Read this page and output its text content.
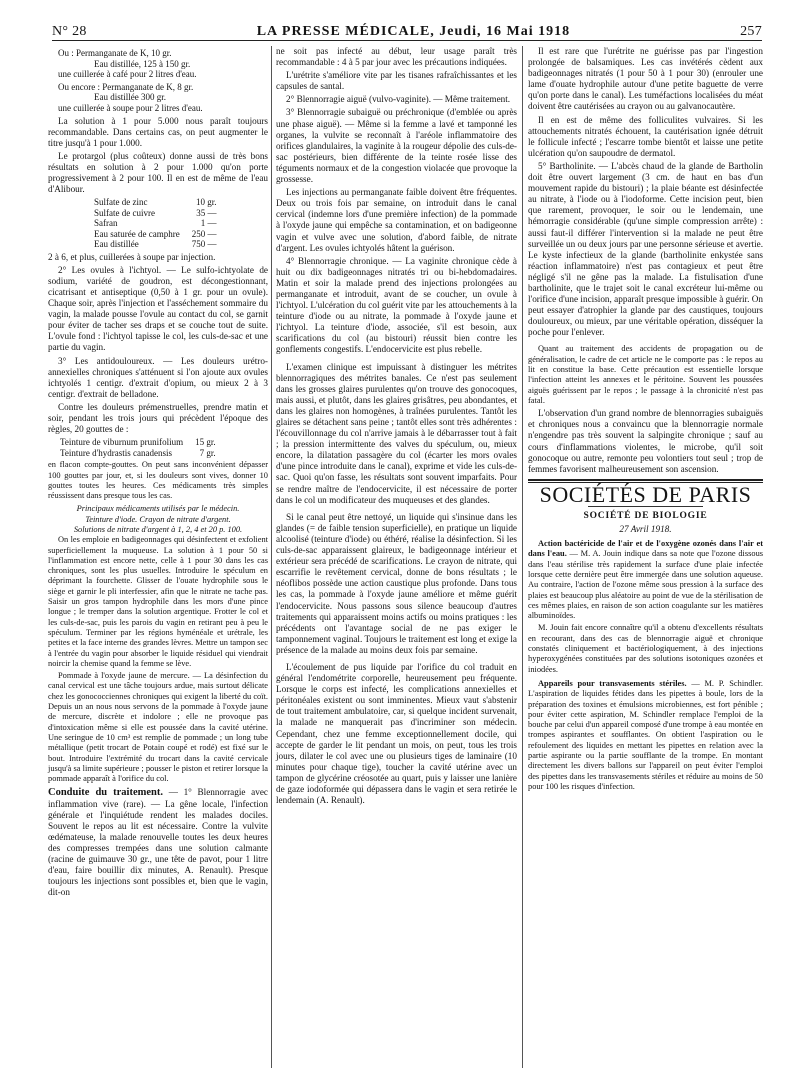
N° 28	LA PRESSE MÉDICALE, Jeudi, 16 Mai 1918	257
Ou : Permanganate de K, 10 gr.
Eau distillée, 125 à 150 gr.
une cuillerée à café pour 2 litres d'eau.
Ou encore : Permanganate de K, 8 gr.
Eau distillée 300 gr.
une cuillerée à soupe pour 2 litres d'eau.

La solution à 1 pour 5.000 nous paraît toujours recommandable. Dans certains cas, on peut augmenter le titre jusqu'à 1 pour 1.000.

Le protargol (plus coûteux) donne aussi de très bons résultats en solution à 2 pour 1.000 qu'on porte progressivement à 2 pour 100. Il en est de même de l'eau d'Alibour.

Sulfate de zinc	10 gr.
Sulfate de cuivre	35 —
Safran	1 —
Eau saturée de camphre	250 —
Eau distillée	750 —

2 à 6, et plus, cuillerées à soupe par injection.

2° Les ovules à l'ichtyol. — Le sulfo-ichtyolate de sodium, variété de goudron, est décongestionnant, cicatrisant et antiseptique (0,50 à 1 gr. pour un ovule). Chaque soir, après l'injection et l'asséchement sommaire du vagin, la malade pousse l'ovule au contact du col, se garnit pour éviter de tacher ses draps et se couche tout de suite. L'ovule fond : l'ichtyol tapisse le col, les culs-de-sac et une partie du vagin.

3° Les antidouloureux. — Les douleurs urétro-annexielles chroniques s'atténuent si l'on ajoute aux ovules ichtyolés 1 centigr. d'extrait d'opium, ou mieux 2 à 3 centigr. d'extrait de belladone.

Contre les douleurs prémenstruelles, prendre matin et soir, pendant les trois jours qui précèdent l'époque des règles, 20 gouttes de :

Teinture de viburnum prunifolium	15 gr.
Teinture d'hydrastis canadensis	7 gr.

en flacon compte-gouttes. On peut sans inconvénient dépasser 100 gouttes par jour, et, si les douleurs sont vives, donner 10 gouttes toutes les heures. Ces médicaments très simples réussissent dans presque tous les cas.

Principaux médicaments utilisés par le médecin.
Teinture d'iode. Crayon de nitrate d'argent.
Solutions de nitrate d'argent à 1, 2, 4 et 20 p. 100.

On les emploie en badigeonnages qui désinfectent et exfolient superficiellement la muqueuse. La solution à 1 pour 50 si l'inflammation est encore nette, celle à 1 pour 30 dans les cas chroniques, sont les plus usuelles. Introduire le spéculum en déprimant la fourchette. Glisser de l'ouate hydrophile sous le siège et garnir le pli interfessier, afin que le nitrate ne tache pas. Saisir un gros tampon hydrophile dans les mors d'une pince longue ; le tremper dans la solution argentique. Frotter le col et les culs-de-sac, puis les parois du vagin en retirant peu à peu le spéculum. Terminer par les régions hyménéale et urétrale, les petites et la face interne des grandes lèvres. Mettre un tampon sec à l'entrée du vagin pour absorber le liquide résiduel qui viendrait noircir la chemise quand la femme se lève.

Pommade à l'oxyde jaune de mercure. — La désinfection du canal cervical est une tâche toujours ardue, mais surtout délicate chez les gonococciennes chroniques qui exigent la liberté du coït. Depuis un an nous nous servons de la pommade à l'oxyde jaune de mercure, discrète et indolore ; elle ne provoque pas d'intoxication même si elle est poussée dans la cavité utérine. Une seringue de 10 cm³ est remplie de pommade ; un long tube métallique (petit trocart de Potain coupé et rodé) est fixé sur le bout. Introduire l'extrémité du trocart dans la cavité cervicale jusqu'à sa limite supérieure ; pousser le piston et retirer lorsque la pommade apparaît à l'orifice du col.

Conduite du traitement. — 1° Blennorragie avec inflammation vive (rare). — La gêne locale, l'infection générale et l'inquiétude rendent les malades dociles. Souvent le repos au lit est nécessaire. Contre la vulvite œdémateuse, la malade renouvelle toutes les deux heures des compresses trempées dans une solution calmante (racine de guimauve 30 gr., une tête de pavot, pour 1 litre d'eau, faire bouillir dix minutes, A. Renault). Presque toujours les injections sont possibles et, bien que le vagin, dit-on

ne soit pas infecté au début, leur usage paraît très recommandable : 4 à 5 par jour avec les précautions indiquées.

L'urétrite s'améliore vite par les tisanes rafraîchissantes et les capsules de santal.

2° Blennorragie aiguë (vulvo-vaginite). — Même traitement.

3° Blennorragie subaiguë ou préchronique (d'emblée ou après une phase aiguë). — Même si la femme a lavé et tamponné les organes, la vulvite se reconnaît à l'aréole inflammatoire des orifices glandulaires, la vaginite à la rougeur dépolie des culs-de-sac postérieurs, bien différente de la teinte rosée lisse des téguments normaux et de la congestion violacée que provoque la grossesse.

Les injections au permanganate faible doivent être fréquentes. Deux ou trois fois par semaine, on introduit dans le canal cervical (indemne lors d'une première infection) de la pommade à l'oxyde jaune qui empêche sa contamination, et on badigeonne vagin et vulve avec une solution, d'abord faible, de nitrate d'argent. Les ovules ichtyolés hâtent la guérison.

4° Blennorragie chronique. — La vaginite chronique cède à huit ou dix badigeonnages nitratés tri ou bi-hebdomadaires. Matin et soir la malade prend des injections prolongées au permanganate et introduit, avant de se coucher, un ovule à l'ichtyol. L'ulcération du col guérit vite par les attouchements à la teinture d'iode ou au nitrate, la pommade à l'oxyde jaune et l'ichtyol. La teinture d'iode, associée, s'il est besoin, aux scarifications du col (au bistouri) réussit bien contre les gonflements congestifs. L'endocervicite est plus rebelle.

L'examen clinique est impuissant à distinguer les métrites blennorragiques des métrites banales. Ce n'est pas seulement dans les grosses glaires purulentes qu'on trouve des gonocoques, mais aussi, et plutôt, dans les glaires grisâtres, peu abondantes, et dans les glaires non homogènes, à traînées purulentes. Tantôt les glaires se détachent sans peine ; tantôt elles sont très adhérentes : l'écouvillonnage du col n'arrive jamais à le débarrasser tout à fait ; la pression intermittente des valves du spéculum, ou, mieux encore, la dilatation passagère du col (écarter les mors ovales d'une pince introduite dans le canal), exprime et vide les culs-de-sac. Quoi qu'on fasse, les résultats sont souvent imparfaits. Pour se rendre maître de l'endocervicite, il est nécessaire de porter dans le col un modificateur des muqueuses et des glandes.

Si le canal peut être nettoyé, un liquide qui s'insinue dans les glandes (= de faible tension superficielle), en pratique un liquide alcoolisé (teinture d'iode) ou éthéré, réalise la désinfection. Si les culs-de-sac apparaissent glaireux, le badigeonnage intérieur et extérieur sera précédé de scarifications. Le crayon de nitrate, qui escarrifie le revêtement cervical, donne de bons résultats ; le néoflibos possède une action caustique plus profonde. Dans tous les cas, la pommade à l'oxyde jaune améliore et même guérit l'endocervicite. Nous passons sous silence beaucoup d'autres traitements qui apparaissent moins actifs ou moins pratiques : les précédents ont l'avantage social de ne pas exiger le tamponnement vaginal. Toujours le traitement est long et exige la présence de la malade au moins deux fois par semaine.

L'écoulement de pus liquide par l'orifice du col traduit en général l'endométrite corporelle, heureusement peu fréquente. Lorsque le corps est infecté, les complications annexielles et péritonéales existent ou sont imminentes. Mieux vaut s'abstenir de tout traitement ambulatoire, car, si quelque incident survenait, la malade ne manquerait pas d'incriminer son médecin. Cependant, chez une femme exceptionnellement docile, qui accepte de garder le lit pendant un mois, on peut, tous les trois jours, dilater le col avec une ou plusieurs tiges de laminaire (10 minutes pour chaque tige), toucher la cavité utérine avec un tampon de glycérine créosotée au quart, puis y laisser une lanière de gaze iodoformée qui dépassera dans le vagin et sera retirée le lendemain (A. Renault).

Il est rare que l'urétrite ne guérisse pas par l'ingestion prolongée de balsamiques. Les cas invétérés cèdent aux badigeonnages nitratés (1 pour 50 à 1 pour 30) (enrouler une lame d'ouate hydrophile autour d'une petite baguette de verre qu'on porte dans le canal). Les tuméfactions localisées du méat doivent être cautérisées au crayon ou au galvanocautère.

Il en est de même des folliculites vulvaires. Si les attouchements nitratés échouent, la cautérisation ignée détruit le follicule infecté ; l'escarre tombe bientôt et laisse une petite ulcération qu'on saupoudre de dermatol.

5° Bartholinite. — L'abcès chaud de la glande de Bartholin doit être ouvert largement (3 cm. de haut en bas d'un mouvement rapide du bistouri) ; la plaie béante est désinfectée au nitrate, à l'iode ou à l'iodoforme. Cette incision peut, bien que rarement, provoquer, le soir ou le lendemain, une hémorragie considérable (qu'une simple compression arrête) : aussi faut-il différer l'intervention si la malade ne peut être surveillée un ou deux jours par une personne sérieuse et avertie. Le kyste infectieux de la glande (bartholinite enkystée sans réaction inflammatoire) n'est pas contagieux et peut être négligé s'il ne gêne pas la malade. La fistulisation d'une bartholinite, que le trajet soit le canal excréteur lui-même ou l'orifice d'une incision, apparaît presque impossible à guérir. On peut essayer d'atrophier la glande par des caustiques, toujours douloureux, ou mieux, par une véritable opération, disséquer la poche pour l'enlever.

Quant au traitement des accidents de propagation ou de généralisation, le cadre de cet article ne le comporte pas : le repos au lit en constitue la base. Cette précaution est essentielle lorsque l'infection atteint les annexes et le péritoine. Souvent les poussées aiguës guérissent par le repos ; le passage à la chronicité n'est pas fatal.

L'observation d'un grand nombre de blennorragies subaiguës et chroniques nous a convaincu que la blennorragie normale n'engendre pas très souvent la salpingite chronique ; sauf au cours d'inflammations violentes, le microbe, qu'il soit gonocoque ou autre, remonte peu volontiers tout seul ; trop de femmes favorisent malheureusement son ascension.

SOCIÉTÉS DE PARIS
SOCIÉTÉ DE BIOLOGIE
27 Avril 1918.

Action bactéricide de l'air et de l'oxygène ozonés dans l'air et dans l'eau. — M. A. Jouin indique dans sa note que l'ozone dissous dans l'eau stérilise très rapidement la surface d'une plaie infectée lorsque cette dernière peut être immergée dans une solution aqueuse. Au contraire, l'action de l'ozone même sous pression à la surface des plaies est beaucoup plus aléatoire au point de vue de la stérilisation de ces mêmes plaies, en raison de son action coagulante sur les matières albuminoïdes.

M. Jouin fait encore connaître qu'il a obtenu d'excellents résultats en recourant, dans des cas de blennorragie aiguë et chronique constatés cliniquement et bactériologiquement, à des injections hyperoxygénées constituées par des solutions isotoniques ozonées et iniodées.

Appareils pour transvasements stériles. — M. P. Schindler. L'aspiration de liquides fétides dans les pipettes à boule, lors de la préparation des toxines et émulsions microbiennes, est fort pénible ; pour éviter cette aspiration, M. Schindler remplace l'emploi de la bouche par celui d'un appareil composé d'une trompe à eau montée en trompes aspirantes et soufflantes. On obtient l'aspiration ou le refoulement des liquides en mettant les pipettes en relation avec la partie aspirante ou la partie soufflante de la trompe. En montant directement les divers ballons sur l'appareil on peut éviter l'emploi des pipettes dans les transvasements stériles et réduire au moins de 50 pour 100 les risques d'infection.
